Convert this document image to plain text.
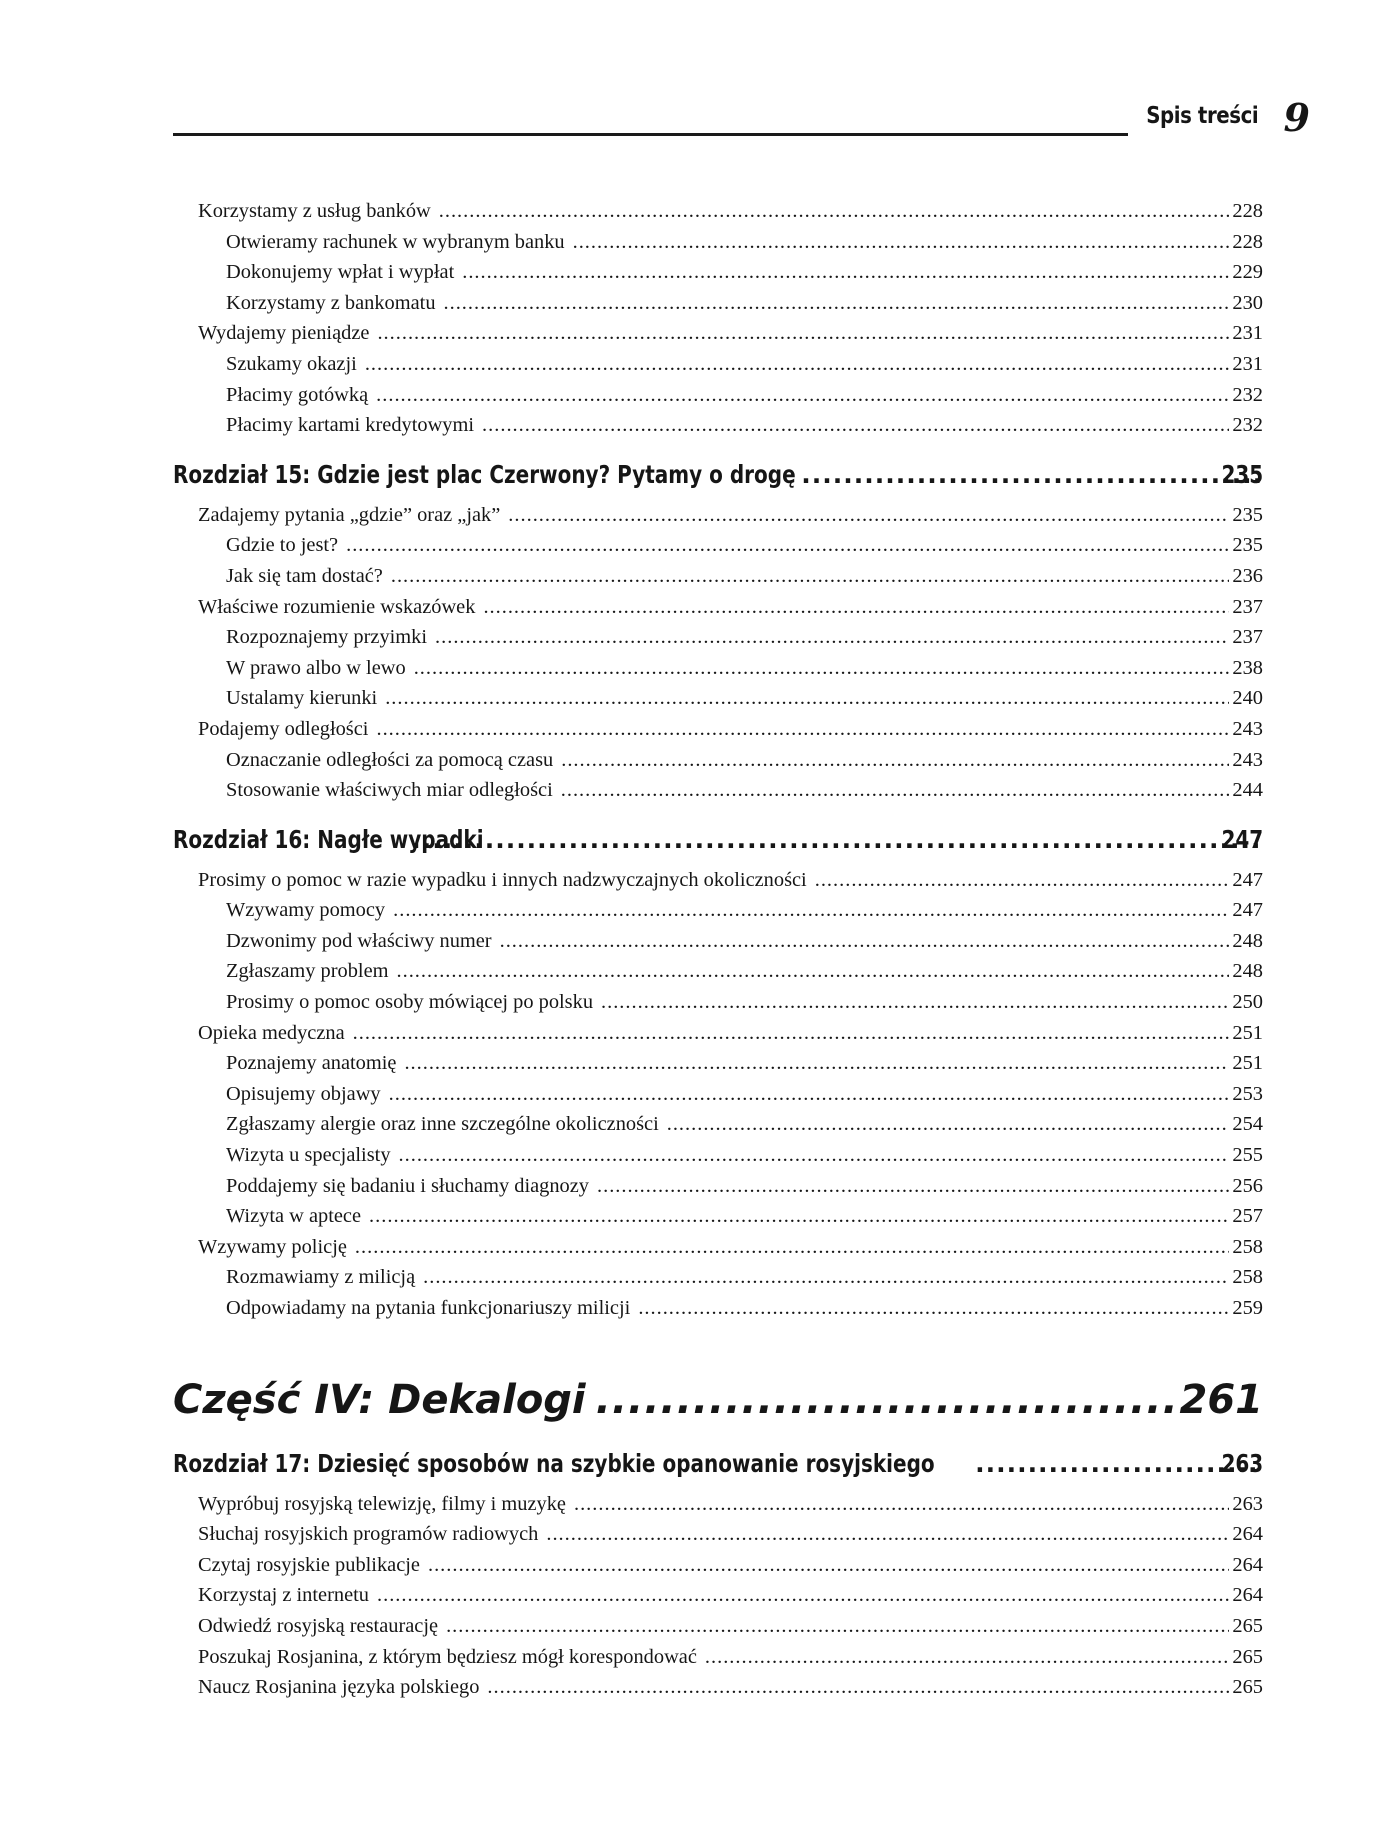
Spis treści 9
Korzystamy z usług banków .....	228
Otwieramy rachunek w wybranym banku .....	228
Dokonujemy wpłat i wypłat .....	229
Korzystamy z bankomatu .....	230
Wydajemy pieniądze .....	231
Szukamy okazji .....	231
Płacimy gotówką .....	232
Płacimy kartami kredytowymi .....	232
Rozdział 15: Gdzie jest plac Czerwony? Pytamy o drogę .....	235
Zadajemy pytania „gdzie” oraz „jak” .....	235
Gdzie to jest? .....	235
Jak się tam dostać? .....	236
Właściwe rozumienie wskazówek .....	237
Rozpoznajemy przyimki .....	237
W prawo albo w lewo .....	238
Ustalamy kierunki .....	240
Podajemy odległości .....	243
Oznaczanie odległości za pomocą czasu .....	243
Stosowanie właściwych miar odległości .....	244
Rozdział 16: Nagłe wypadki .....	247
Prosimy o pomoc w razie wypadku i innych nadzwyczajnych okoliczności .....	247
Wzywamy pomocy .....	247
Dzwonimy pod właściwy numer .....	248
Zgłaszamy problem .....	248
Prosimy o pomoc osoby mówiącej po polsku .....	250
Opieka medyczna .....	251
Poznajemy anatomię .....	251
Opisujemy objawy .....	253
Zgłaszamy alergie oraz inne szczególne okoliczności .....	254
Wizyta u specjalisty .....	255
Poddajemy się badaniu i słuchamy diagnozy .....	256
Wizyta w aptece .....	257
Wzywamy policję .....	258
Rozmawiamy z milicją .....	258
Odpowiadamy na pytania funkcjonariuszy milicji .....	259
Część IV: Dekalogi .....	261
Rozdział 17: Dziesięć sposobów na szybkie opanowanie rosyjskiego .....	263
Wypróbuj rosyjską telewizję, filmy i muzykę .....	263
Słuchaj rosyjskich programów radiowych .....	264
Czytaj rosyjskie publikacje .....	264
Korzystaj z internetu .....	264
Odwiedź rosyjską restaurację .....	265
Poszukaj Rosjanina, z którym będziesz mógł korespondować .....	265
Naucz Rosjanina języka polskiego .....	265
